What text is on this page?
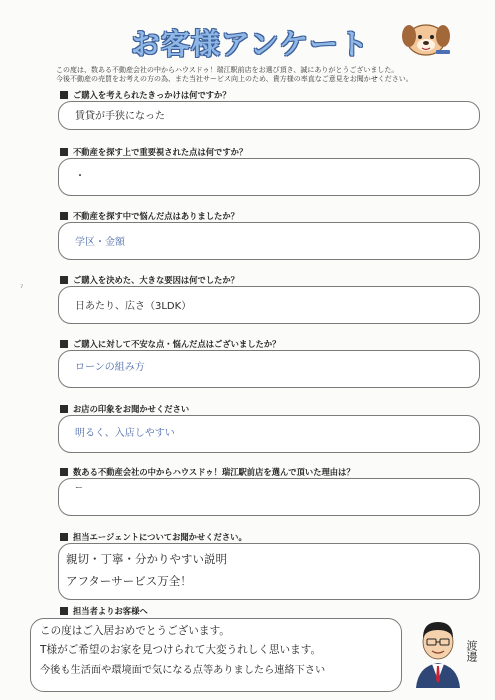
お客様アンケート
この度は、数ある不動産会社の中からハウスドゥ！瑞江駅前店をお選び頂き、誠にありがとうございました。
今後不動産の売買をお考えの方の為、また当社サービス向上のため、貴方様の率直なご意見をお聞かせください。
ご購入を考えられたきっかけは何ですか？
賃貸が手狭になった
不動産を探す上で重要視された点は何ですか？
・
不動産を探す中で悩んだ点はありましたか？
学区・金額
ご購入を決めた、大きな要因は何でしたか？
日あたり、広さ（3LDK）
ご購入に対して不安な点・悩んだ点はございましたか？
ローンの組み方
お店の印象をお聞かせください
明るく、入店しやすい
数ある不動産会社の中からハウスドゥ！瑞江駅前店を選んで頂いた理由は？
ー
担当エージェントについてお聞かせください。
親切・丁寧・分かりやすい説明
アフターサービス万全！
担当者よりお客様へ
この度はご入居おめでとうございます。
T様がご希望のお家を見つけられて大変うれしく思います。
今後も生活面や環境面で気になる点等ありましたら連絡下さい
渡邊
ˀ
